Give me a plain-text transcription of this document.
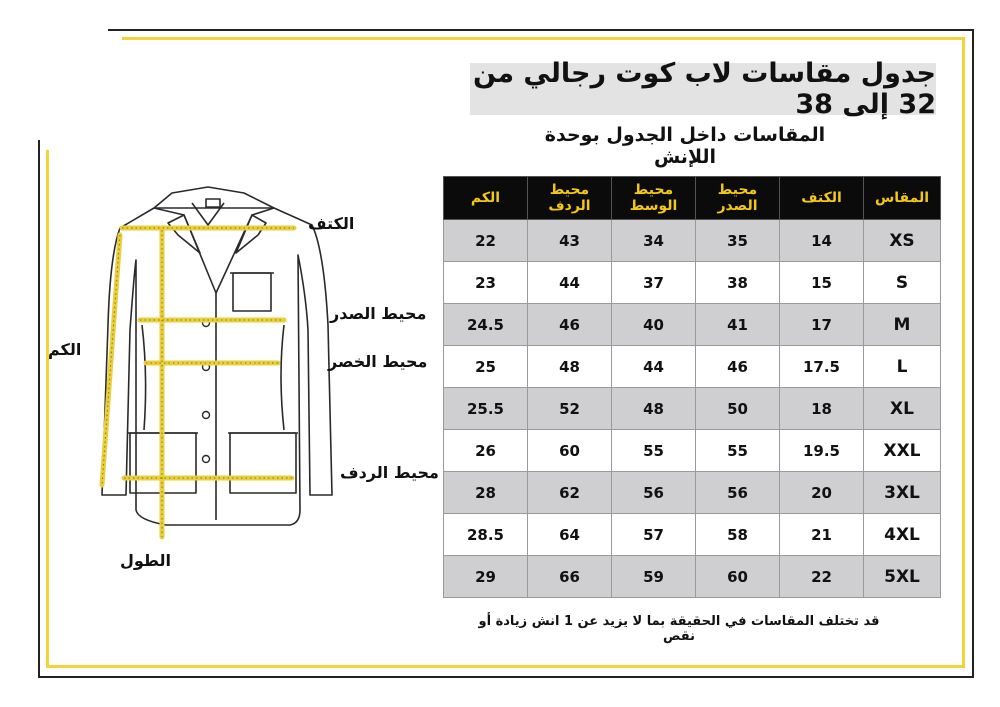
جدول مقاسات لاب كوت رجالي من 32 إلى 38
المقاسات داخل الجدول بوحدة اللإنش
الكم	محيط الردف	محيط الوسط	محيط الصدر	الكتف	المقاس
22	43	34	35	14	XS
23	44	37	38	15	S
24.5	46	40	41	17	M
25	48	44	46	17.5	L
25.5	52	48	50	18	XL
26	60	55	55	19.5	XXL
28	62	56	56	20	3XL
28.5	64	57	58	21	4XL
29	66	59	60	22	5XL
قد تختلف المقاسات في الحقيقة بما لا يزيد عن 1 انش زيادة أو نقص
الكتف
محيط الصدر
محيط الخصر
محيط الردف
الكم
الطول
